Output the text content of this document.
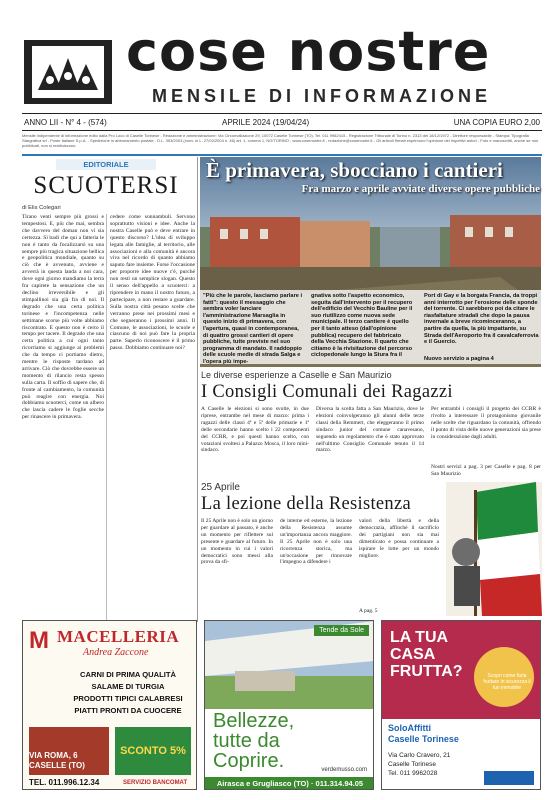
cose nostre
MENSILE DI INFORMAZIONE
ANNO LII - N° 4 - (574)	APRILE 2024 (19/04/24)	UNA COPIA EURO 2,00
Mensile indipendente di informazione edito dalla Pro Loco di Caselle Torinese - Redazione e amministrazione: Via Circonvallazione 29, 10072 Caselle Torinese (TO), Tel. 011 9962415 - Registrazione Tribunale di Torino n. 2313 del 18/12/1972 - Direttore responsabile - Stampa: Tipografia Stargrafica srl - Poste Italiane S.p.A. - Spedizione in abbonamento postale - D.L. 353/2003 (conv. in L. 27/02/2004 n. 46) art. 1, comma 1, NO/TORINO - www.cosenostre.it - redazione@cosenostre.it - Gli articoli firmati esprimono l'opinione dei rispettivi autori - Foto e manoscritti, anche se non pubblicati, non si restituiscono.
EDITORIALE
SCUOTERSI
di Elis Colegari
Tirano venti sempre più grossi e tempestosi. E, più che mai, sembra che davvero del doman non vi sia certezza. Si badi che qui a fatteria le non è tanto da focalizzarsi su una sempre più tragica situazione bellica e geopolitica mondiale, quanto su ciò che è avvenuto, avviene e avverrà in questa landa a noi cara, dove ogni giorno mandiamo la terra fra capirete la sensazione che un declino irreversibile e gli stimpallinoi sia già fra di noi. Il degrado che una certa politica torinese e l'incompetenza nelle settimane scorse più volte abbiamo riscontrato. E questo non è certo il tempo per tacere. Il degrado che una certa politica a cui ogni tanto ricorriamo si aggiunge ai problemi che da tempo ci portiamo dietro, mentre le risposte tardano ad arrivare. Ciò che dovrebbe essere un momento di rilancio resta spesso sulla carta. Il soffio di sapere che, di fronte al cambiamento, la comunità può reagire con energia. Noi dobbiamo scuoterci, come un albero che lascia cadere le foglie secche per rinascere in primavera.
cedere come sonnambuli. Servono soprattutto visioni e idee. Anche la nostra Caselle può e deve entrare in questo discorso? L'idea di sviluppo legata alle famiglie, al territorio, alle associazioni e alla comunità è ancora viva nel ricordo di quanto abbiamo saputo fare insieme. Forse l'occasione per proporre idee nuove c'è, purché non resti un semplice slogan. Questo il senso dell'appello a scuoterci: a riprendere in mano il nostro futuro, a partecipare, a non restare a guardare. Sulla nostra città pesano scelte che verranno prese nei prossimi mesi e che segneranno i prossimi anni. Il Comune, le associazioni, le scuole e ciascuno di noi può fare la propria parte. Saperlo riconoscere è il primo passo. Dobbiamo continuare noi?
È primavera, sbocciano i cantieri
Fra marzo e aprile avviate diverse opere pubbliche
"Più che le parole, lasciamo parlare i fatti": questo il messaggio che sembra voler lanciare l'amministrazione Marsaglia in questo inizio di primavera, con l'apertura, quasi in contemporanea, di quattro grossi cantieri di opere pubbliche, tutte previste nel suo programma di mandato. Il raddoppio delle scuole medie di strada Salga e l'opera più impe-
gnativa sotto l'aspetto economico, seguita dall'intervento per il recupero dell'edificio del Vecchio Bauline per il suo riutilizzo come nuova sede municipale. Il terzo cantiere è quello per il tanto atteso (dall'opinione pubblica) recupero del fabbricato della Vecchia Stazione. Il quarto che citiamo è la rivisitazione del percorso ciclopedonale lungo la Stura fra il
Port di Gay e la borgata Francia, da troppi anni interrotto per l'erosione delle sponde del torrente. Ci sarebbero poi da citare le riasfaltature stradali che dopo la pausa invernale a breve ricominceranno, a partire da quella, la più impattante, su Strada dell'Aeroporto fra il cavalcaferrovia e il Guercio.
Nuovo servizio a pagina 4
Le diverse esperienze a Caselle e San Maurizio
I Consigli Comunali dei Ragazzi
A Caselle le elezioni si sono svolte, in due riprese, entrambe nel mese di marzo: prima i ragazzi delle classi 4ª e 5ª delle primarie e 1ª delle secondarie hanno scelto i 22 componenti del CCRR, e poi questi hanno scelto, con votazioni svoltesi a Palazzo Mosca, il loro mini-sindaco.
Diversa la scelta fatta a San Maurizio, dove le elezioni coinvolgeranno gli alunni delle terze classi della Remmert, che eleggeranno il primo sindaco junior del comune canavesano, seguendo un regolamento che è stato approvato nell'ultimo Consiglio Comunale tenuto il 14 marzo.
Per entrambi i consigli il progetto dei CCRR è rivolto a interessare il protagonismo giovanile nelle scelte che riguardano la comunità, offrendo il punto di vista delle nuove generazioni sia prese in considerazione dagli adulti.
Nostri servizi a pag. 3 per Caselle e pag. 8 per San Maurizio
25 Aprile
La lezione della Resistenza
Il 25 Aprile non è solo un giorno per guardare al passato, è anche un momento per riflettere sul presente e guardare al futuro. In un momento in cui i valori democratici sono messi alla prova da sfi-
de interne ed esterne, la lezione della Resistenza assume un'importanza ancora maggiore. Il 25 Aprile non è solo una ricorrenza storica, ma un'occasione per rinnovare l'impegno a difendere i
valori della libertà e della democrazia, affinché il sacrificio dei partigiani non sia mai dimenticato e possa continuare a ispirare le lotte per un mondo migliore.
A pag. 5
M MACELLERIA
Andrea Zaccone
CARNI DI PRIMA QUALITÀ
SALAME DI TURGIA
PRODOTTI TIPICI CALABRESI
PIATTI PRONTI DA CUOCERE
SCONTO 5%
VIA ROMA, 6
CASELLE (TO)
TEL. 011.996.12.34	SERVIZIO BANCOMAT
Tende da Sole
Bellezze,
tutte da
Coprire.	verdemusso.com
Airasca e Grugliasco (TO) · 011.314.94.05
LA TUA
CASA
FRUTTA?	Scopri come farla fruttare in sicurezza il tuo immobile
SoloAffitti
Caselle Torinese
Via Carlo Cravero, 21
Caselle Torinese
Tel. 011 9962028
